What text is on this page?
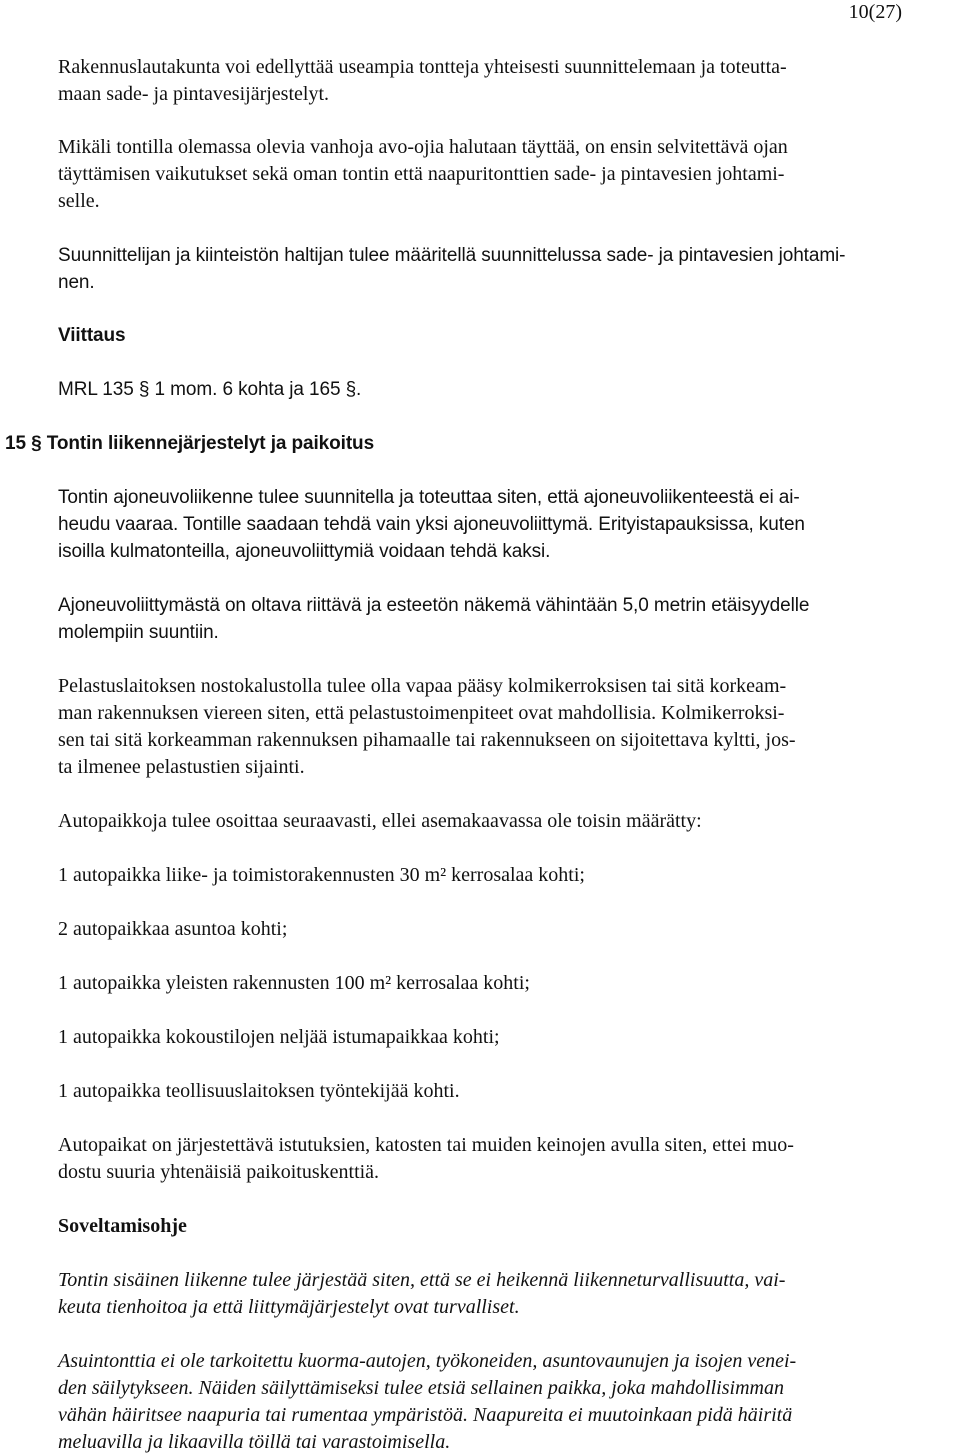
10(27)
Rakennuslautakunta voi edellyttää useampia tontteja yhteisesti suunnittelemaan ja toteutta-
maan sade- ja pintavesijärjestelyt.
Mikäli tontilla olemassa olevia vanhoja avo-ojia halutaan täyttää, on ensin selvitettävä ojan
täyttämisen vaikutukset sekä oman tontin että naapuritonttien sade- ja pintavesien johtami-
selle.
Suunnittelijan ja kiinteistön haltijan tulee määritellä suunnittelussa sade- ja pintavesien johtami-
nen.
Viittaus
MRL 135 § 1 mom. 6 kohta ja 165 §.
15 § Tontin liikennejärjestelyt ja paikoitus
Tontin ajoneuvoliikenne tulee suunnitella ja toteuttaa siten, että ajoneuvoliikenteestä ei ai-
heudu vaaraa. Tontille saadaan tehdä vain yksi ajoneuvoliittymä. Erityistapauksissa, kuten
isoilla kulmatonteilla, ajoneuvoliittymiä voidaan tehdä kaksi.
Ajoneuvoliittymästä on oltava riittävä ja esteetön näkemä vähintään 5,0 metrin etäisyydelle
molempiin suuntiin.
Pelastuslaitoksen nostokalustolla tulee olla vapaa pääsy kolmikerroksisen tai sitä korkeam-
man rakennuksen viereen siten, että pelastustoimenpiteet ovat mahdollisia. Kolmikerroksi-
sen tai sitä korkeamman rakennuksen pihamaalle tai rakennukseen on sijoitettava kyltti, jos-
ta ilmenee pelastustien sijainti.
Autopaikkoja tulee osoittaa seuraavasti, ellei asemakaavassa ole toisin määrätty:
1 autopaikka liike- ja toimistorakennusten 30 m² kerrosalaa kohti;
2 autopaikkaa asuntoa kohti;
1 autopaikka yleisten rakennusten 100 m² kerrosalaa kohti;
1 autopaikka kokoustilojen neljää istumapaikkaa kohti;
1 autopaikka teollisuuslaitoksen työntekijää kohti.
Autopaikat on järjestettävä istutuksien, katosten tai muiden keinojen avulla siten, ettei muo-
dostu suuria yhtenäisiä paikoituskenttiä.
Soveltamisohje
Tontin sisäinen liikenne tulee järjestää siten, että se ei heikennä liikenneturvallisuutta, vai-
keuta tienhoitoa ja että liittymäjärjestelyt ovat turvalliset.
Asuintonttia ei ole tarkoitettu kuorma-autojen, työkoneiden, asuntovaunujen ja isojen venei-
den säilytykseen. Näiden säilyttämiseksi tulee etsiä sellainen paikka, joka mahdollisimman
vähän häiritsee naapuria tai rumentaa ympäristöä. Naapureita ei muutoinkaan pidä häiritä
meluavilla ja likaavilla töillä tai varastoimisella.
